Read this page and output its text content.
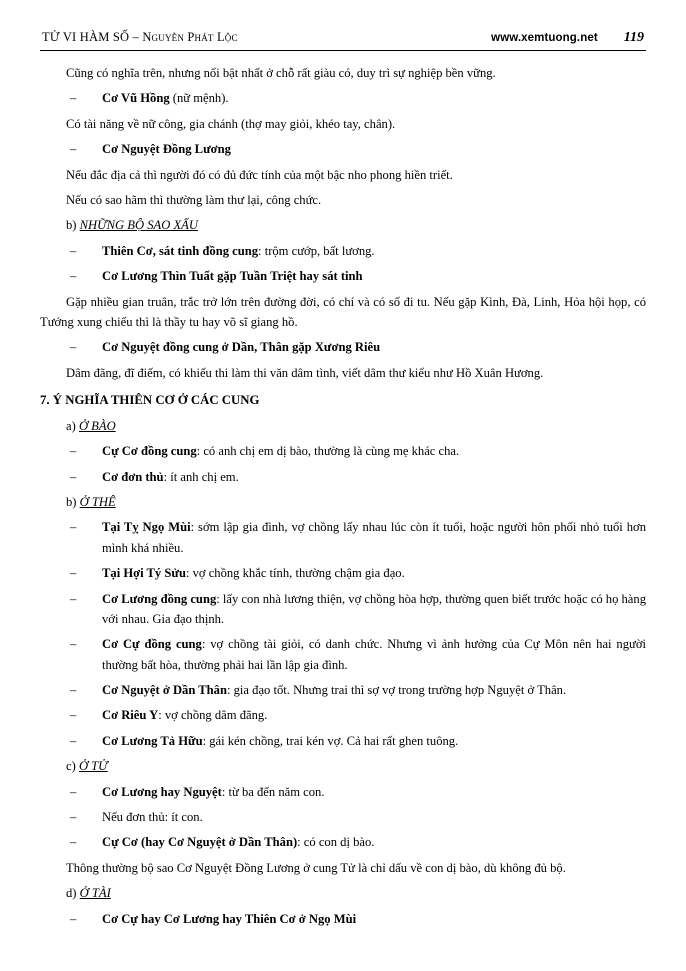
TỬ VI HÀM SỐ – Nguyễn Phát Lộc	www.xemtuong.net 119

Cũng có nghĩa trên, nhưng nổi bật nhất ở chỗ rất giàu có, duy trì sự nghiệp bền vững.

– Cơ Vũ Hồng (nữ mệnh).

Có tài năng về nữ công, gia chánh (thợ may giỏi, khéo tay, chân).

– Cơ Nguyệt Đồng Lương

Nếu đắc địa cả thì người đó có đủ đức tính của một bậc nho phong hiền triết.

Nếu có sao hãm thì thường làm thư lại, công chức.

b) NHỮNG BỘ SAO XẤU

– Thiên Cơ, sát tinh đồng cung: trộm cướp, bất lương.

– Cơ Lương Thìn Tuất gặp Tuần Triệt hay sát tinh

Gặp nhiều gian truân, trắc trở lớn trên đường đời, có chí và có số đi tu. Nếu gặp Kình, Đà, Linh, Hỏa hội họp, có Tướng xung chiếu thì là thầy tu hay võ sĩ giang hồ.

– Cơ Nguyệt đồng cung ở Dần, Thân gặp Xương Riêu

Dâm đãng, đĩ điếm, có khiếu thi làm thi văn dâm tình, viết dâm thư kiểu như Hồ Xuân Hương.

7. Ý NGHĨA THIÊN CƠ Ở CÁC CUNG

a) Ở BÀO

– Cự Cơ đồng cung: có anh chị em dị bào, thường là cùng mẹ khác cha.

– Cơ đơn thủ: ít anh chị em.

b) Ở THÊ

– Tại Tỵ Ngọ Mùi: sớm lập gia đình, vợ chồng lấy nhau lúc còn ít tuổi, hoặc người hôn phối nhỏ tuổi hơn mình khá nhiều.

– Tại Hợi Tý Sửu: vợ chồng khắc tính, thường chậm gia đạo.

– Cơ Lương đồng cung: lấy con nhà lương thiện, vợ chồng hòa hợp, thường quen biết trước hoặc có họ hàng với nhau. Gia đạo thịnh.

– Cơ Cự đồng cung: vợ chồng tài giỏi, có danh chức. Nhưng vì ảnh hưởng của Cự Môn nên hai người thường bất hòa, thường phải hai lần lập gia đình.

– Cơ Nguyệt ở Dần Thân: gia đạo tốt. Nhưng trai thì sợ vợ trong trường hợp Nguyệt ở Thân.

– Cơ Riêu Y: vợ chồng dâm đãng.

– Cơ Lương Tả Hữu: gái kén chồng, trai kén vợ. Cả hai rất ghen tuông.

c) Ở TỬ

– Cơ Lương hay Nguyệt: từ ba đến năm con.

– Nếu đơn thủ: ít con.

– Cự Cơ (hay Cơ Nguyệt ở Dần Thân): có con dị bào.

Thông thường bộ sao Cơ Nguyệt Đồng Lương ở cung Tử là chỉ dấu về con dị bào, dù không đủ bộ.

d) Ở TÀI

– Cơ Cự hay Cơ Lương hay Thiên Cơ ở Ngọ Mùi
